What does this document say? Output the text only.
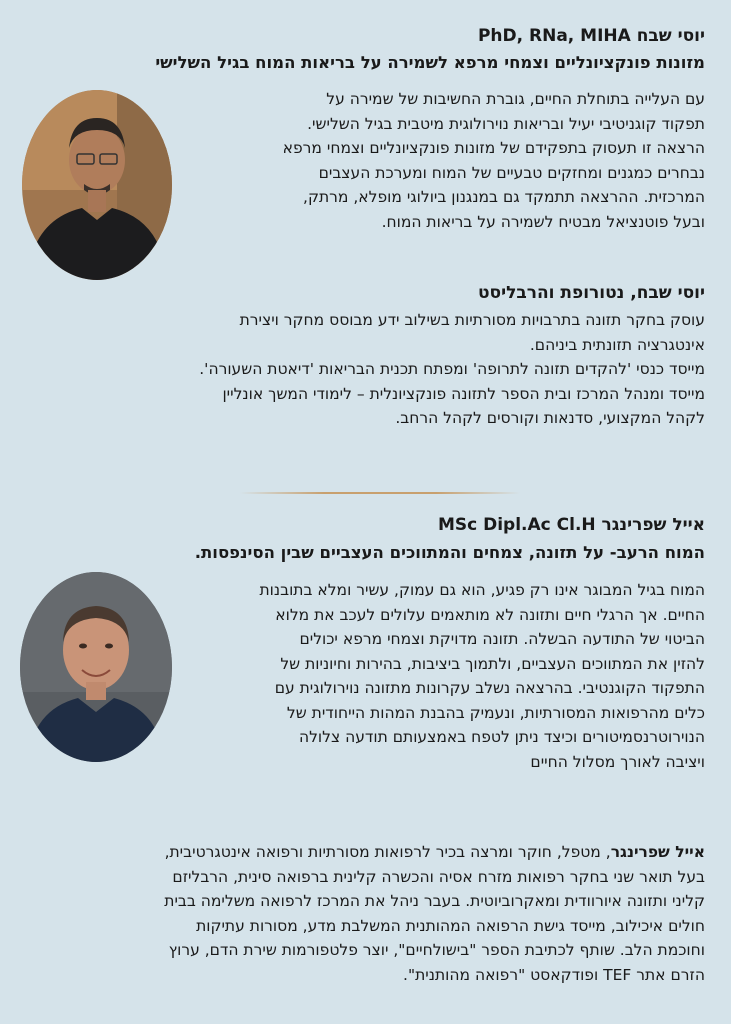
יוסי שבח PhD, RNa, MIHA
מזונות פונקציונליים וצמחי מרפא לשמירה על בריאות המוח בגיל השלישי
עם העלייה בתוחלת החיים, גוברת החשיבות של שמירה על
תפקוד קוגניטיבי יעיל ובריאות נוירולוגית מיטבית בגיל השלישי.
הרצאה זו תעסוק בתפקידם של מזונות פונקציונליים וצמחי מרפא
נבחרים כמגנים ומחזקים טבעיים של המוח ומערכת העצבים
המרכזית. ההרצאה תתמקד גם במנגנון ביולוגי מופלא, מרתק,
ובעל פוטנציאל מבטיח לשמירה על בריאות המוח.
יוסי שבח, נטורופת והרבליסט
עוסק בחקר תזונה בתרבויות מסורתיות בשילוב ידע מבוסס מחקר ויצירת
אינטגרציה תזונתית ביניהם.
מייסד כנסי 'להקדים תזונה לתרופה' ומפתח תכנית הבריאות 'דיאטת השעורה'.
מייסד ומנהל המרכז ובית הספר לתזונה פונקציונלית – לימודי המשך אונליין
לקהל המקצועי, סדנאות וקורסים לקהל הרחב.
אייל שפרינגר MSc Dipl.Ac Cl.H
המוח הרעב- על תזונה, צמחים והמתווכים העצביים שבין הסינפסות.
המוח בגיל המבוגר אינו רק פגיע, הוא גם עמוק, עשיר ומלא בתובנות
החיים. אך הרגלי חיים ותזונה לא מותאמים עלולים לעכב את מלוא
הביטוי של התודעה הבשלה. תזונה מדויקת וצמחי מרפא יכולים
להזין את המתווכים העצביים, ולתמוך ביציבות, בהירות וחיוניות של
התפקוד הקוגנטיבי. בהרצאה נשלב עקרונות מתזונה נוירולוגית עם
כלים מהרפואות המסורתיות, ונעמיק בהבנת המהות הייחודית של
הנוירוטרנסמיטורים וכיצד ניתן לטפח באמצעותם תודעה צלולה
ויציבה לאורך מסלול החיים
אייל שפרינגר, מטפל, חוקר ומרצה בכיר לרפואות מסורתיות ורפואה אינטגרטיבית,
בעל תואר שני בחקר רפואות מזרח אסיה והכשרה קלינית ברפואה סינית, הרבליזם
קליני ותזונה איורוודית ומאקרוביוטית. בעבר ניהל את המרכז לרפואה משלימה בבית
חולים איכילוב, מייסד גישת הרפואה המהותנית המשלבת מדע, מסורות עתיקות
וחוכמת הלב. שותף לכתיבת הספר "בישולחיים", יוצר פלטפורמות שירת הדם, ערוץ
הזרם אתר TEF ופודקאסט "רפואה מהותנית".
